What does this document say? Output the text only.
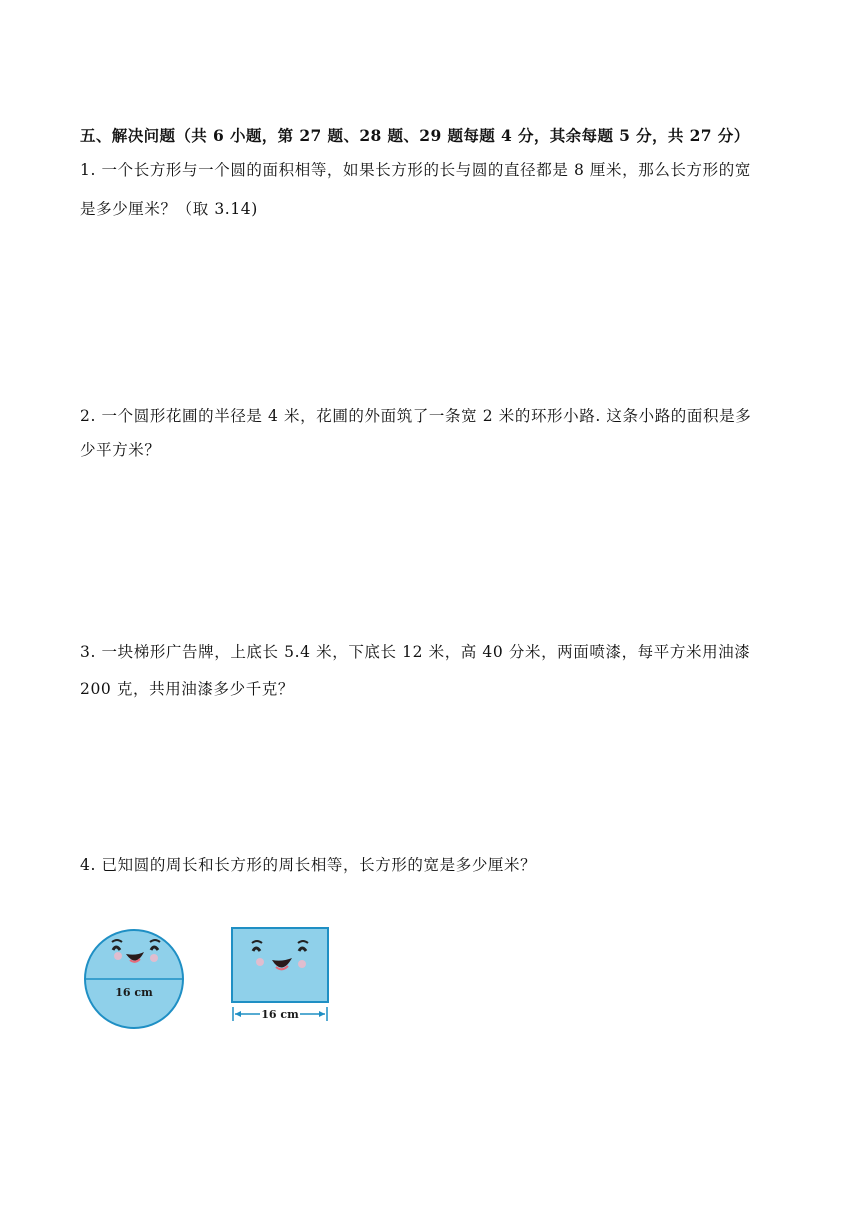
五、解决问题（共 6 小题，第 27 题、28 题、29 题每题 4 分，其余每题 5 分，共 27 分）
1. 一个长方形与一个圆的面积相等，如果长方形的长与圆的直径都是 8 厘米，那么长方形的宽
是多少厘米？（取 3.14)
2. 一个圆形花圃的半径是 4 米，花圃的外面筑了一条宽 2 米的环形小路. 这条小路的面积是多
少平方米？
3. 一块梯形广告牌，上底长 5.4 米，下底长 12 米，高 40 分米，两面喷漆，每平方米用油漆
200 克，共用油漆多少千克？
4. 已知圆的周长和长方形的周长相等，长方形的宽是多少厘米？
16 cm
16 cm
